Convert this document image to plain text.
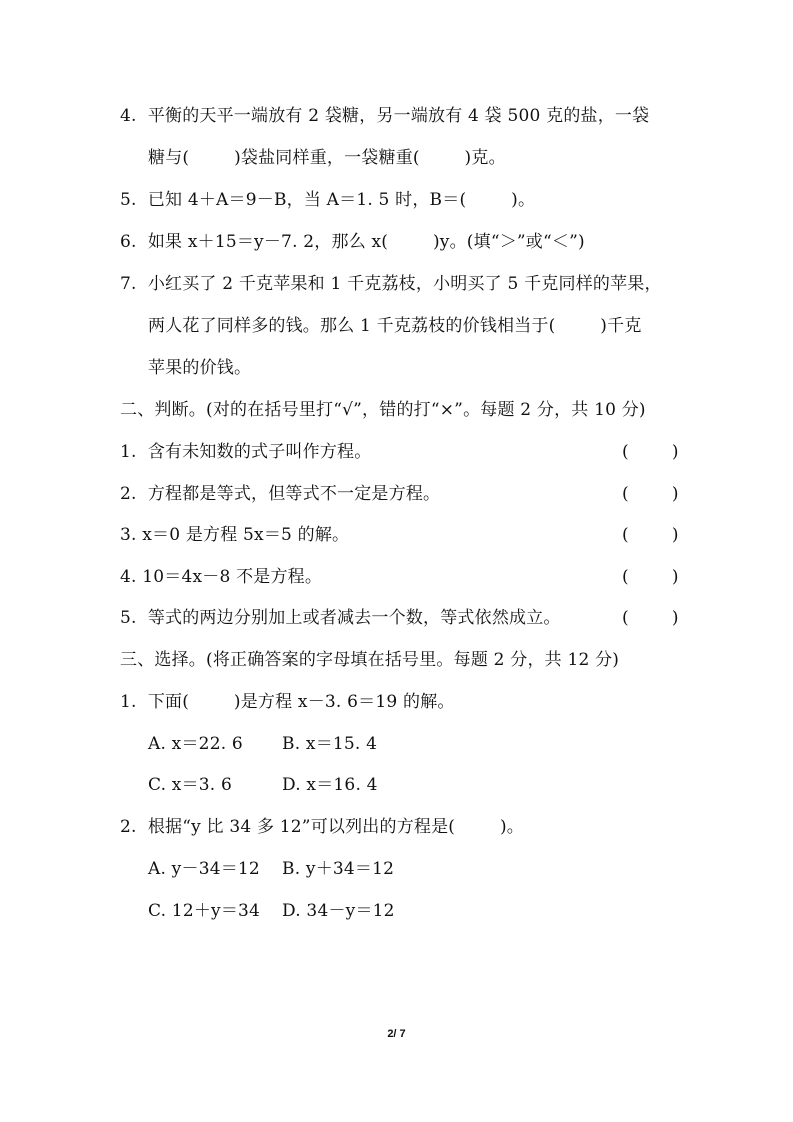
4.  平衡的天平一端放有 2 袋糖，另一端放有 4 袋 500 克的盐，一袋
糖与(        )袋盐同样重，一袋糖重(        )克。
5.  已知 4＋A＝9－B，当 A＝1. 5 时，B＝(        )。
6.  如果 x＋15＝y－7. 2，那么 x(        )y。(填“＞”或“＜”)
7.  小红买了 2 千克苹果和 1 千克荔枝，小明买了 5 千克同样的苹果，
两人花了同样多的钱。那么 1 千克荔枝的价钱相当于(        )千克
苹果的价钱。
二、判断。(对的在括号里打“√”，错的打“×”。每题 2 分，共 10 分)
1.  含有未知数的式子叫作方程。	(        )
2.  方程都是等式，但等式不一定是方程。	(        )
3. x＝0 是方程 5x＝5 的解。	(        )
4. 10＝4x－8 不是方程。	(        )
5.  等式的两边分别加上或者减去一个数，等式依然成立。	(        )
三、选择。(将正确答案的字母填在括号里。每题 2 分，共 12 分)
1.  下面(        )是方程 x－3. 6＝19 的解。
A. x＝22. 6 B. x＝15. 4
C. x＝3. 6	D. x＝16. 4
2.  根据“y 比 34 多 12”可以列出的方程是(        )。
A. y－34＝12 B. y＋34＝12
C. 12＋y＝34 D. 34－y＝12
2/ 7
